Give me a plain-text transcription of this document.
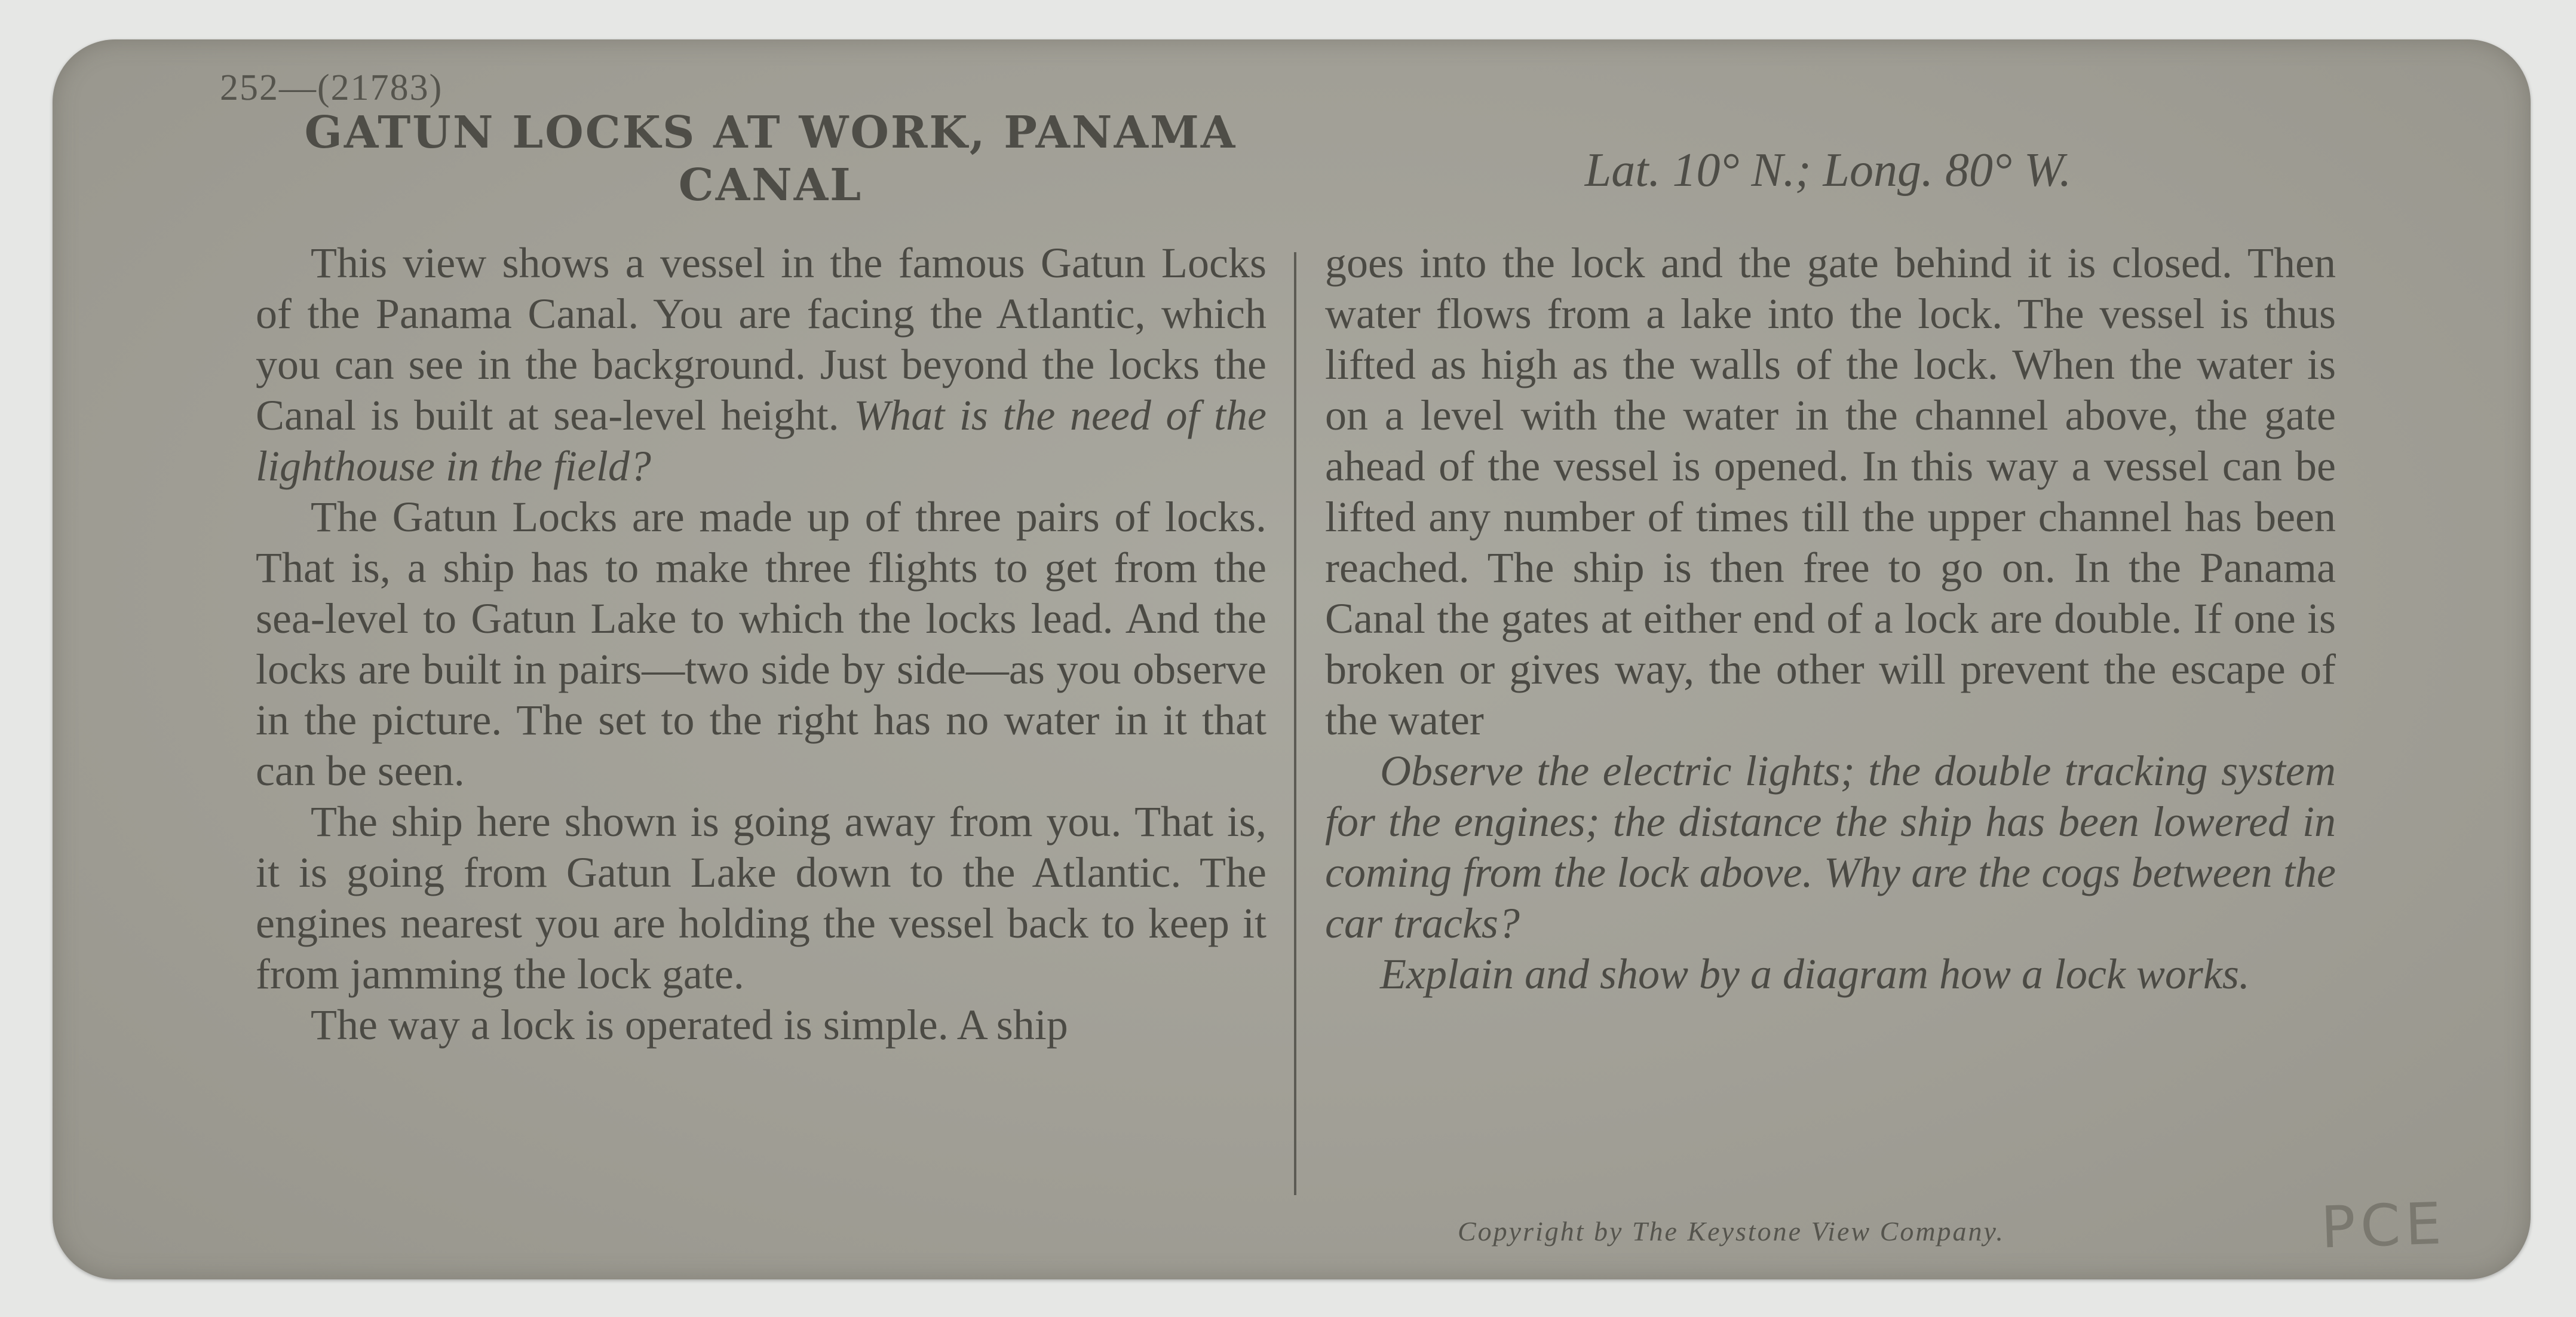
252—(21783)
GATUN LOCKS AT WORK, PANAMA
CANAL	Lat. 10° N.; Long. 80° W.

This view shows a vessel in the famous Gatun Locks of the Panama Canal. You are facing the Atlantic, which you can see in the background. Just beyond the locks the Canal is built at sea-level height. What is the need of the lighthouse in the field?

The Gatun Locks are made up of three pairs of locks. That is, a ship has to make three flights to get from the sea-level to Gatun Lake to which the locks lead. And the locks are built in pairs—two side by side—as you observe in the picture. The set to the right has no water in it that can be seen.

The ship here shown is going away from you. That is, it is going from Gatun Lake down to the Atlantic. The engines nearest you are holding the vessel back to keep it from jamming the lock gate.

The way a lock is operated is simple. A ship

goes into the lock and the gate behind it is closed. Then water flows from a lake into the lock. The vessel is thus lifted as high as the walls of the lock. When the water is on a level with the water in the channel above, the gate ahead of the vessel is opened. In this way a vessel can be lifted any number of times till the upper channel has been reached. The ship is then free to go on. In the Panama Canal the gates at either end of a lock are double. If one is broken or gives way, the other will prevent the escape of the water

Observe the electric lights; the double tracking system for the engines; the distance the ship has been lowered in coming from the lock above. Why are the cogs between the car tracks?

Explain and show by a diagram how a lock works.

Copyright by The Keystone View Company.	PCE
